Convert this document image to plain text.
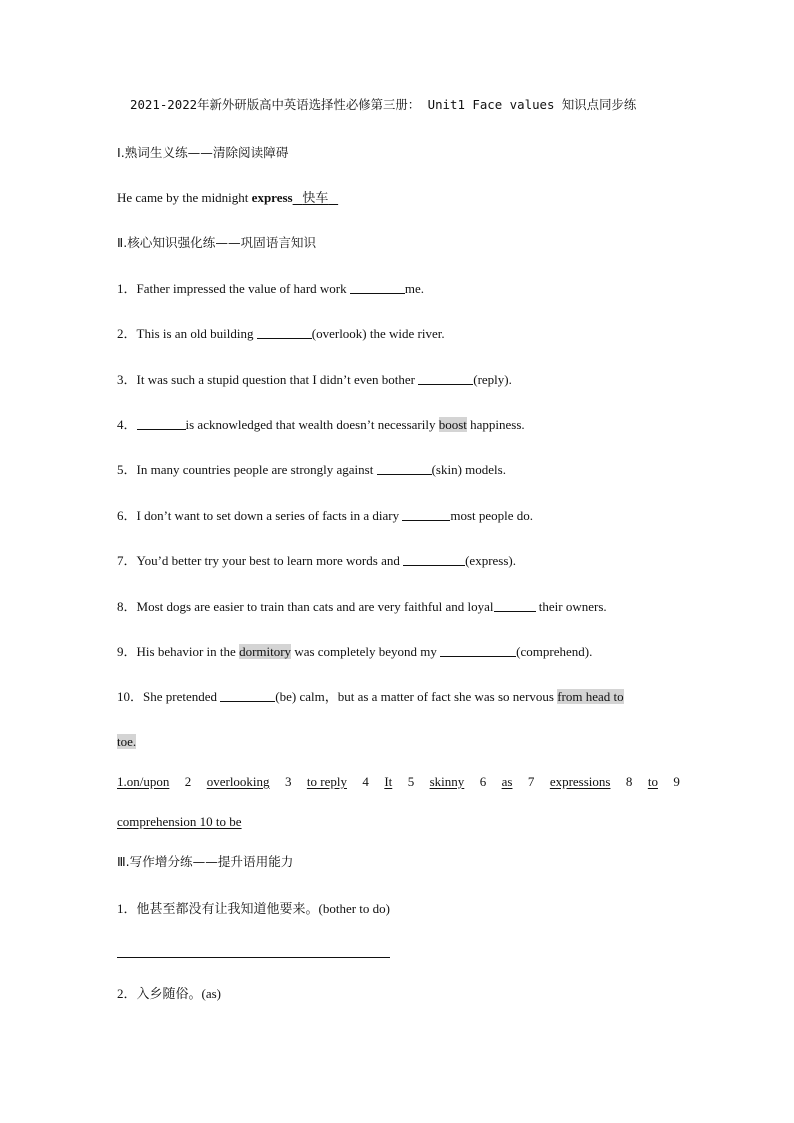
2021-2022年新外研版高中英语选择性必修第三册： Unit1 Face values 知识点同步练
Ⅰ.熟词生义练——清除阅读障碍
He came by the midnight express 快车
Ⅱ.核心知识强化练——巩固语言知识
1．Father impressed the value of hard work	me.
2．This is an old building	(overlook) the wide river.
3．It was such a stupid question that I didn’t even bother	(reply).
4．	is acknowledged that wealth doesn’t necessarily boost happiness.
5．In many countries people are strongly against	(skin) models.
6．I don’t want to set down a series of facts in a diary	most people do.
7．You’d better try your best to learn more words and	(express).
8．Most dogs are easier to train than cats and are very faithful and loyal	their owners.
9．His behavior in the dormitory was completely beyond my	(comprehend).
10．She pretended	(be) calm，but as a matter of fact she was so nervous from head to
toe.
1.on/upon 2 overlooking 3 to reply 4 It 5 skinny 6 as 7 expressions 8 to 9
comprehension 10 to be
Ⅲ.写作增分练——提升语用能力
1．他甚至都没有让我知道他要来。(bother to do)
2．入乡随俗。(as)
